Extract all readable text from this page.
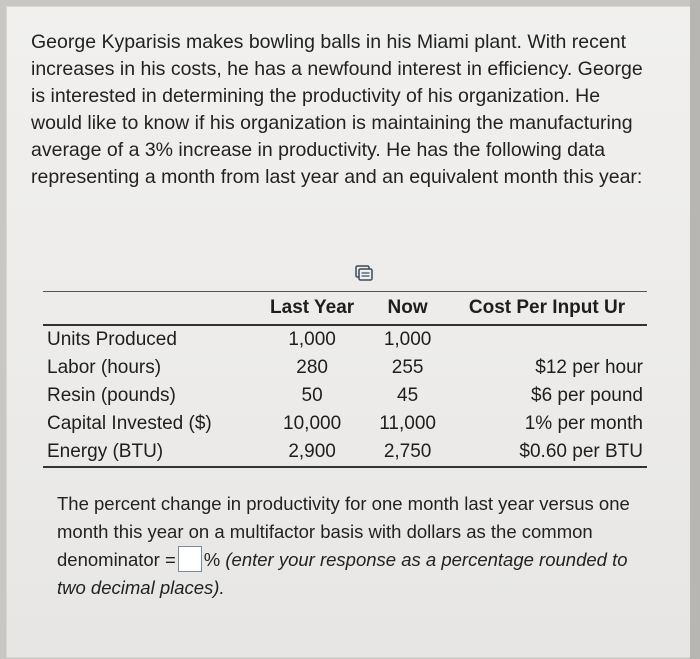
George Kyparisis makes bowling balls in his Miami plant. With recent increases in his costs, he has a newfound interest in efficiency. George is interested in determining the productivity of his organization. He would like to know if his organization is maintaining the manufacturing average of a 3% increase in productivity. He has the following data representing a month from last year and an equivalent month this year:
	Last Year	Now	Cost Per Input Ur
Units Produced	1,000	1,000	
Labor (hours)	280	255	$12 per hour
Resin (pounds)	50	45	$6 per pound
Capital Invested ($)	10,000	11,000	1% per month
Energy (BTU)	2,900	2,750	$0.60 per BTU
The percent change in productivity for one month last year versus one month this year on a multifactor basis with dollars as the common denominator = % (enter your response as a percentage rounded to two decimal places).
